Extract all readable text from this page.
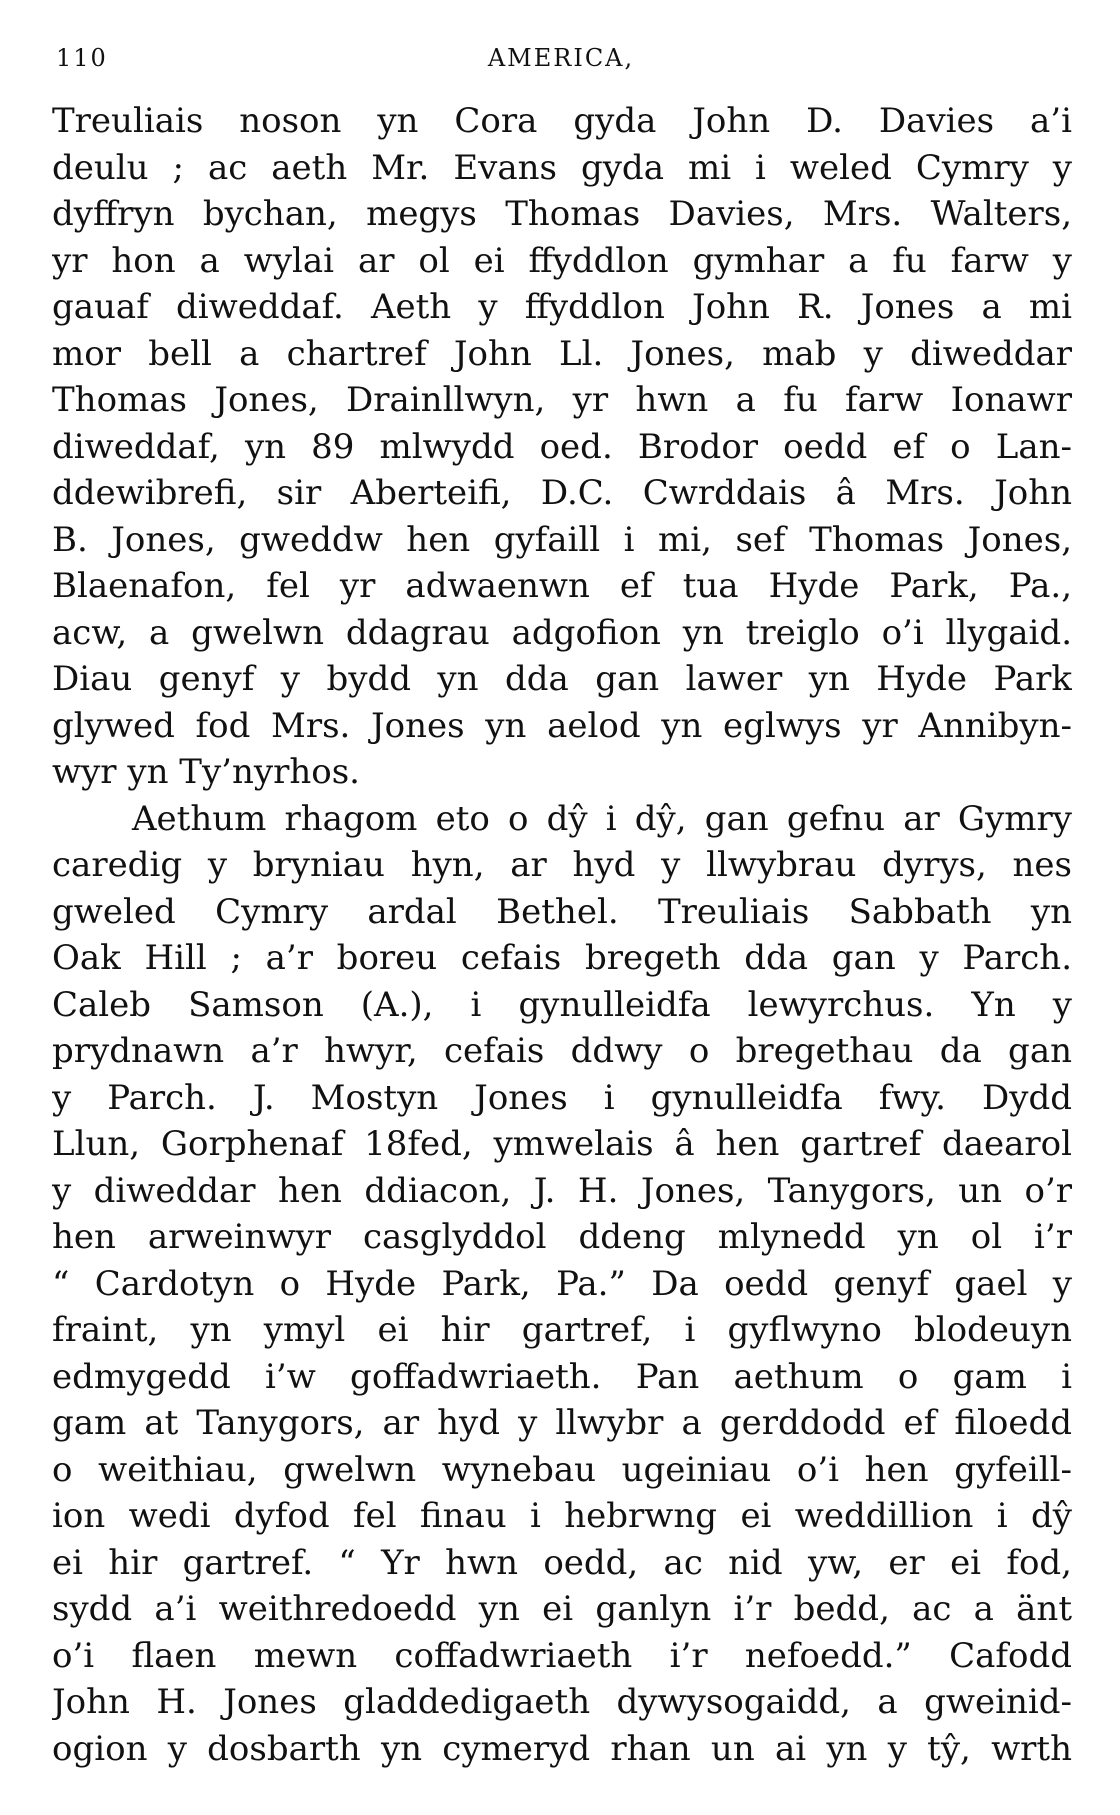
110	AMERICA,
Treuliais noson yn Cora gyda John D. Davies a’i
deulu ; ac aeth Mr. Evans gyda mi i weled Cymry y
dyffryn bychan, megys Thomas Davies, Mrs. Walters,
yr hon a wylai ar ol ei ffyddlon gymhar a fu farw y
gauaf diweddaf. Aeth y ffyddlon John R. Jones a mi
mor bell a chartref John Ll. Jones, mab y diweddar
Thomas Jones, Drainllwyn, yr hwn a fu farw Ionawr
diweddaf, yn 89 mlwydd oed. Brodor oedd ef o Lan-
ddewibrefi, sir Aberteifi, D.C. Cwrddais â Mrs. John
B. Jones, gweddw hen gyfaill i mi, sef Thomas Jones,
Blaenafon, fel yr adwaenwn ef tua Hyde Park, Pa.,
acw, a gwelwn ddagrau adgofion yn treiglo o’i llygaid.
Diau genyf y bydd yn dda gan lawer yn Hyde Park
glywed fod Mrs. Jones yn aelod yn eglwys yr Annibyn-
wyr yn Ty’nyrhos.
Aethum rhagom eto o dŷ i dŷ, gan gefnu ar Gymry
caredig y bryniau hyn, ar hyd y llwybrau dyrys, nes
gweled Cymry ardal Bethel. Treuliais Sabbath yn
Oak Hill ; a’r boreu cefais bregeth dda gan y Parch.
Caleb Samson (A.), i gynulleidfa lewyrchus. Yn y
prydnawn a’r hwyr, cefais ddwy o bregethau da gan
y Parch. J. Mostyn Jones i gynulleidfa fwy. Dydd
Llun, Gorphenaf 18fed, ymwelais â hen gartref daearol
y diweddar hen ddiacon, J. H. Jones, Tanygors, un o’r
hen arweinwyr casglyddol ddeng mlynedd yn ol i’r
“ Cardotyn o Hyde Park, Pa.” Da oedd genyf gael y
fraint, yn ymyl ei hir gartref, i gyflwyno blodeuyn
edmygedd i’w goffadwriaeth. Pan aethum o gam i
gam at Tanygors, ar hyd y llwybr a gerddodd ef filoedd
o weithiau, gwelwn wynebau ugeiniau o’i hen gyfeill-
ion wedi dyfod fel finau i hebrwng ei weddillion i dŷ
ei hir gartref. “ Yr hwn oedd, ac nid yw, er ei fod,
sydd a’i weithredoedd yn ei ganlyn i’r bedd, ac a änt
o’i flaen mewn coffadwriaeth i’r nefoedd.” Cafodd
John H. Jones gladdedigaeth dywysogaidd, a gweinid-
ogion y dosbarth yn cymeryd rhan un ai yn y tŷ, wrth
